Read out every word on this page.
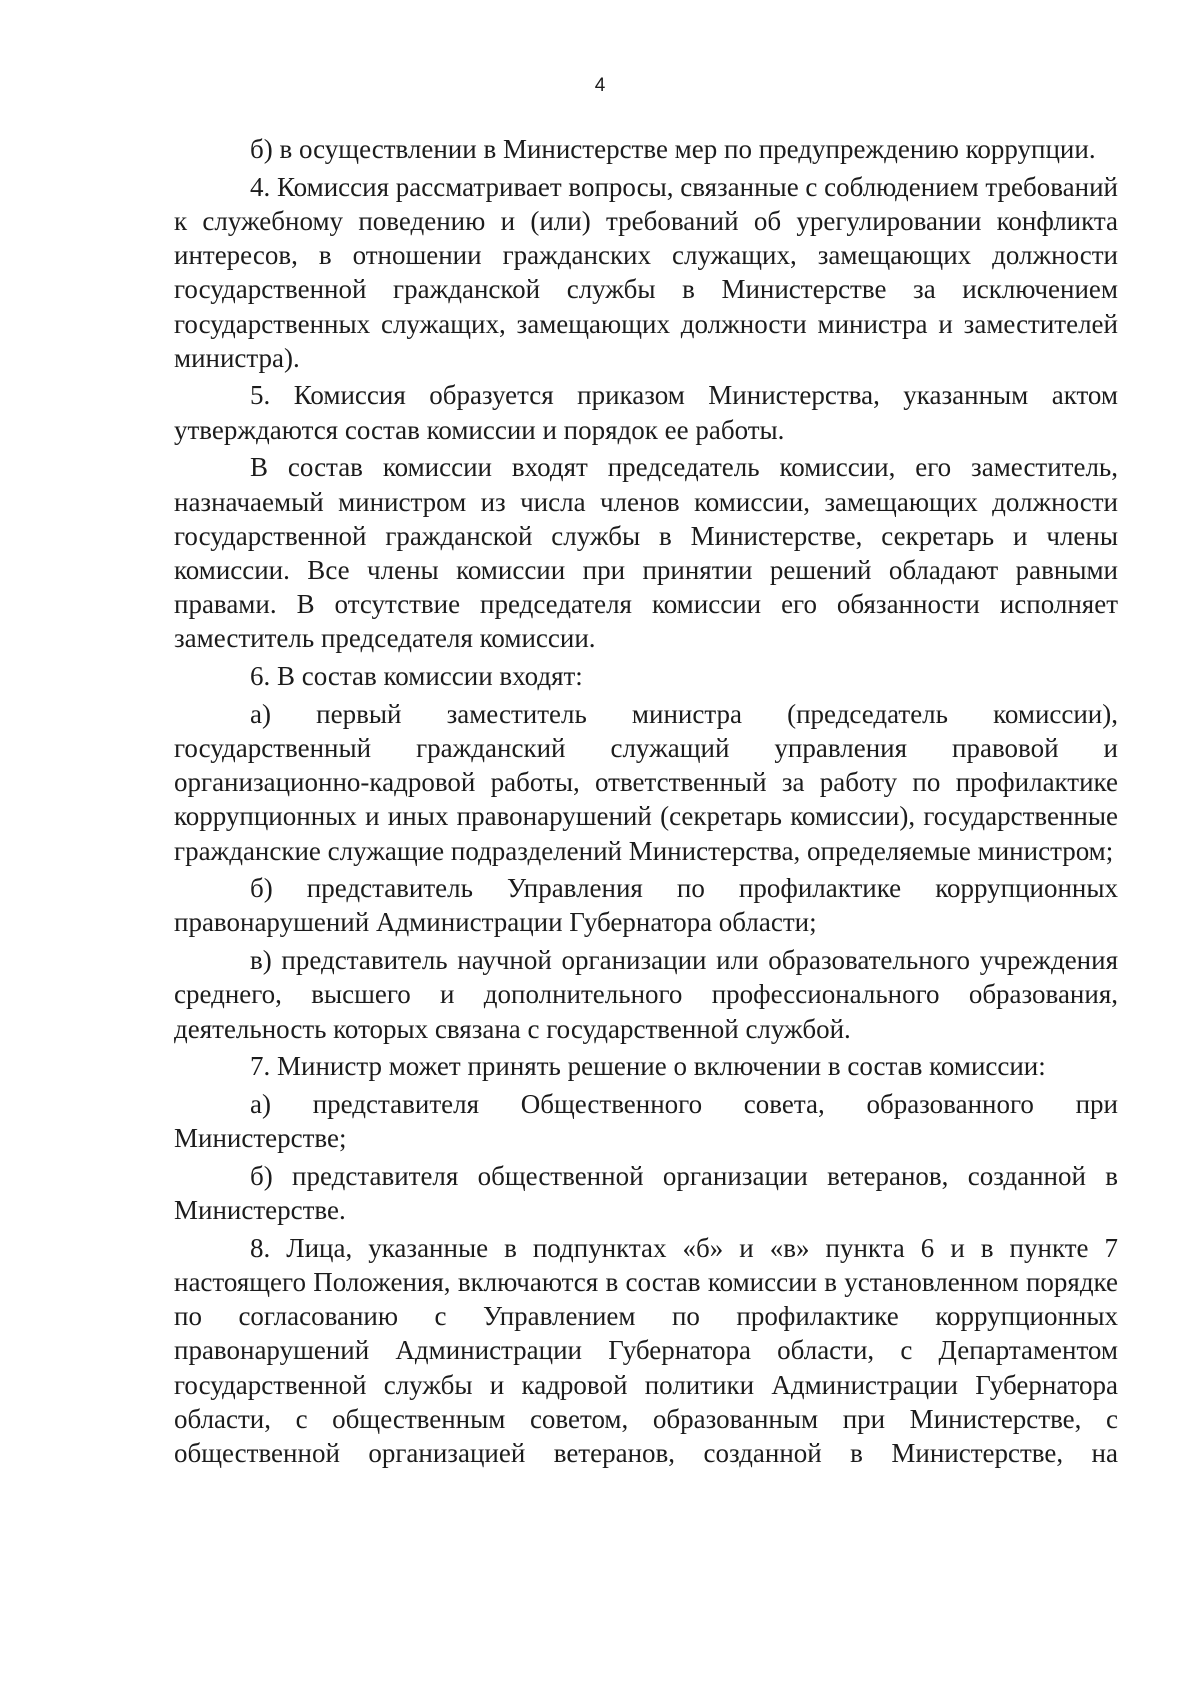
4

б) в осуществлении в Министерстве мер по предупреждению коррупции.

4. Комиссия рассматривает вопросы, связанные с соблюдением требований к служебному поведению и (или) требований об урегулировании конфликта интересов, в отношении гражданских служащих, замещающих должности государственной гражданской службы в Министерстве за исключением государственных служащих, замещающих должности министра и заместителей министра).

5. Комиссия образуется приказом Министерства, указанным актом утверждаются состав комиссии и порядок ее работы.

В состав комиссии входят председатель комиссии, его заместитель, назначаемый министром из числа членов комиссии, замещающих должности государственной гражданской службы в Министерстве, секретарь и члены комиссии. Все члены комиссии при принятии решений обладают равными правами. В отсутствие председателя комиссии его обязанности исполняет заместитель председателя комиссии.

6. В состав комиссии входят:

а) первый заместитель министра (председатель комиссии), государственный гражданский служащий управления правовой и организационно-кадровой работы, ответственный за работу по профилактике коррупционных и иных правонарушений (секретарь комиссии), государственные гражданские служащие подразделений Министерства, определяемые министром;

б) представитель Управления по профилактике коррупционных правонарушений Администрации Губернатора области;

в) представитель научной организации или образовательного учреждения среднего, высшего и дополнительного профессионального образования, деятельность которых связана с государственной службой.

7. Министр может принять решение о включении в состав комиссии:

а) представителя Общественного совета, образованного при Министерстве;

б) представителя общественной организации ветеранов, созданной в Министерстве.

8. Лица, указанные в подпунктах «б» и «в» пункта 6 и в пункте 7 настоящего Положения, включаются в состав комиссии в установленном порядке по согласованию с Управлением по профилактике коррупционных правонарушений Администрации Губернатора области, с Департаментом государственной службы и кадровой политики Администрации Губернатора области, с общественным советом, образованным при Министерстве, с общественной организацией ветеранов, созданной в Министерстве, на
